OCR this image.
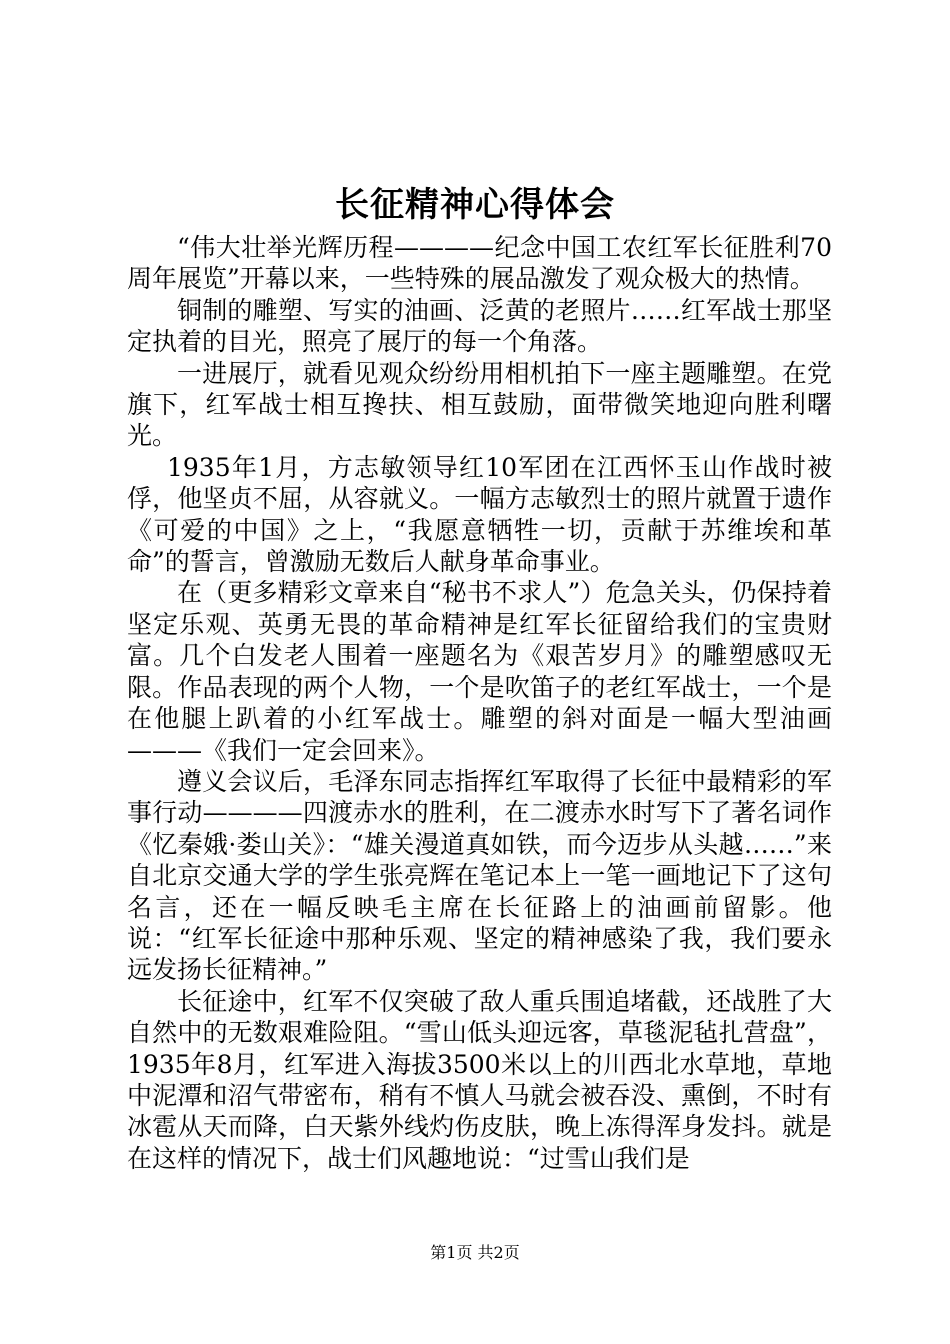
长征精神心得体会

“伟大壮举光辉历程————纪念中国工农红军长征胜利70周年展览”开幕以来，一些特殊的展品激发了观众极大的热情。

铜制的雕塑、写实的油画、泛黄的老照片……红军战士那坚定执着的目光，照亮了展厅的每一个角落。

一进展厅，就看见观众纷纷用相机拍下一座主题雕塑。在党旗下，红军战士相互搀扶、相互鼓励，面带微笑地迎向胜利曙光。

1935年1月，方志敏领导红10军团在江西怀玉山作战时被俘，他坚贞不屈，从容就义。一幅方志敏烈士的照片就置于遗作《可爱的中国》之上，“我愿意牺牲一切，贡献于苏维埃和革命”的誓言，曾激励无数后人献身革命事业。

在（更多精彩文章来自“秘书不求人”）危急关头，仍保持着坚定乐观、英勇无畏的革命精神是红军长征留给我们的宝贵财富。几个白发老人围着一座题名为《艰苦岁月》的雕塑感叹无限。作品表现的两个人物，一个是吹笛子的老红军战士，一个是在他腿上趴着的小红军战士。雕塑的斜对面是一幅大型油画———《我们一定会回来》。

遵义会议后，毛泽东同志指挥红军取得了长征中最精彩的军事行动————四渡赤水的胜利，在二渡赤水时写下了著名词作《忆秦娥·娄山关》：“雄关漫道真如铁，而今迈步从头越……”来自北京交通大学的学生张亮辉在笔记本上一笔一画地记下了这句名言，还在一幅反映毛主席在长征路上的油画前留影。他说：“红军长征途中那种乐观、坚定的精神感染了我，我们要永远发扬长征精神。”

长征途中，红军不仅突破了敌人重兵围追堵截，还战胜了大自然中的无数艰难险阻。“雪山低头迎远客，草毯泥毡扎营盘”，1935年8月，红军进入海拔3500米以上的川西北水草地，草地中泥潭和沼气带密布，稍有不慎人马就会被吞没、熏倒，不时有冰雹从天而降，白天紫外线灼伤皮肤，晚上冻得浑身发抖。就是在这样的情况下，战士们风趣地说：“过雪山我们是

第1页 共2页
